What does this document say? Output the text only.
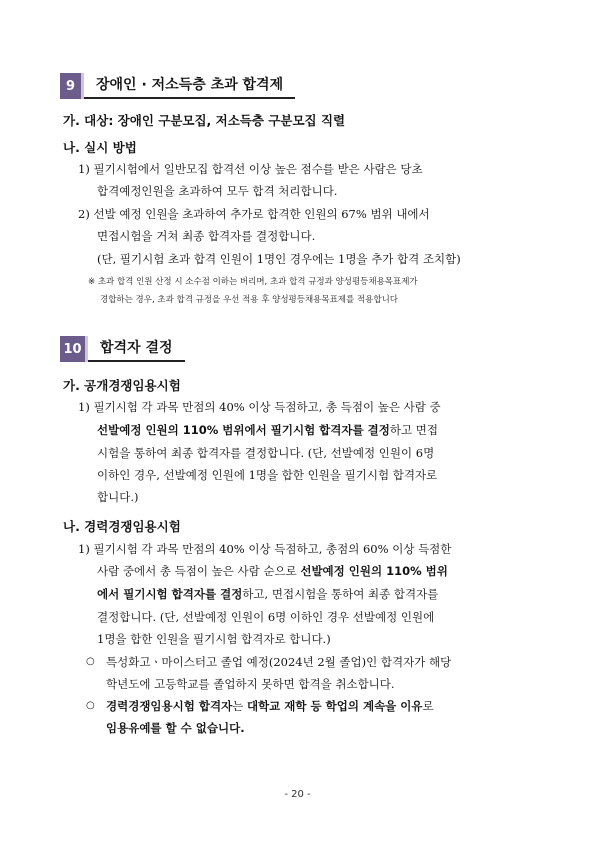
9	장애인 · 저소득층 초과 합격제
가. 대상: 장애인 구분모집, 저소득층 구분모집 직렬
나. 실시 방법
1) 필기시험에서 일반모집 합격선 이상 높은 점수를 받은 사람은 당초
합격예정인원을 초과하여 모두 합격 처리합니다.
2) 선발 예정 인원을 초과하여 추가로 합격한 인원의 67% 범위 내에서
면접시험을 거쳐 최종 합격자를 결정합니다.
(단, 필기시험 초과 합격 인원이 1명인 경우에는 1명을 추가 합격 조치함)
※ 초과 합격 인원 산정 시 소수점 이하는 버리며, 초과 합격 규정과 양성평등채용목표제가
경합하는 경우, 초과 합격 규정을 우선 적용 후 양성평등채용목표제를 적용합니다
10	합격자 결정
가. 공개경쟁임용시험
1) 필기시험 각 과목 만점의 40% 이상 득점하고, 총 득점이 높은 사람 중
선발예정 인원의 110% 범위에서 필기시험 합격자를 결정하고 면접
시험을 통하여 최종 합격자를 결정합니다. (단, 선발예정 인원이 6명
이하인 경우, 선발예정 인원에 1명을 합한 인원을 필기시험 합격자로
합니다.)
나. 경력경쟁임용시험
1) 필기시험 각 과목 만점의 40% 이상 득점하고, 총점의 60% 이상 득점한
사람 중에서 총 득점이 높은 사람 순으로 선발예정 인원의 110% 범위
에서 필기시험 합격자를 결정하고, 면접시험을 통하여 최종 합격자를
결정합니다. (단, 선발예정 인원이 6명 이하인 경우 선발예정 인원에
1명을 합한 인원을 필기시험 합격자로 합니다.)
○ 특성화고ㆍ마이스터고 졸업 예정(2024년 2월 졸업)인 합격자가 해당
학년도에 고등학교를 졸업하지 못하면 합격을 취소합니다.
○ 경력경쟁임용시험 합격자는 대학교 재학 등 학업의 계속을 이유로
임용유예를 할 수 없습니다.
- 20 -
